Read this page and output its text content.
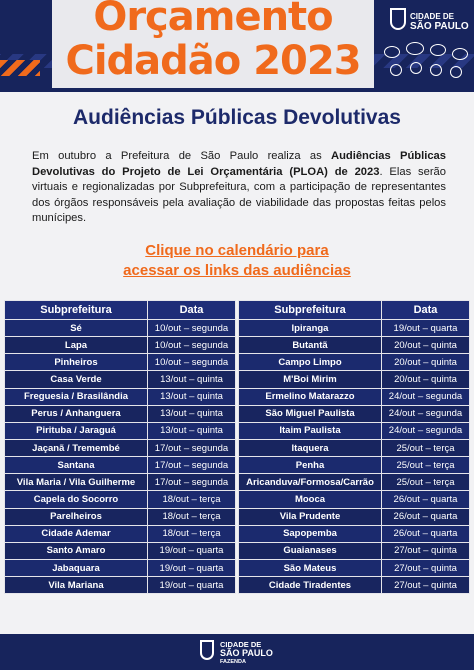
Orçamento
Cidadão 2023
CIDADE DE
SÃO PAULO
Audiências Públicas Devolutivas
Em outubro a Prefeitura de São Paulo realiza as Audiências Públicas Devolutivas do Projeto de Lei Orçamentária (PLOA) de 2023. Elas serão virtuais e regionalizadas por Subprefeitura, com a participação de representantes dos órgãos responsáveis pela avaliação de viabilidade das propostas feitas pelos munícipes.
Clique no calendário para
acessar os links das audiências
Subprefeitura	Data
Sé	10/out – segunda
Lapa	10/out – segunda
Pinheiros	10/out – segunda
Casa Verde	13/out – quinta
Freguesia / Brasilândia	13/out – quinta
Perus / Anhanguera	13/out – quinta
Pirituba / Jaraguá	13/out – quinta
Jaçanã / Tremembé	17/out – segunda
Santana	17/out – segunda
Vila Maria / Vila Guilherme	17/out – segunda
Capela do Socorro	18/out – terça
Parelheiros	18/out – terça
Cidade Ademar	18/out – terça
Santo Amaro	19/out – quarta
Jabaquara	19/out – quarta
Vila Mariana	19/out – quarta
Subprefeitura	Data
Ipiranga	19/out – quarta
Butantã	20/out – quinta
Campo Limpo	20/out – quinta
M'Boi Mirim	20/out – quinta
Ermelino Matarazzo	24/out – segunda
São Miguel Paulista	24/out – segunda
Itaim Paulista	24/out – segunda
Itaquera	25/out – terça
Penha	25/out – terça
Aricanduva/Formosa/Carrão	25/out – terça
Mooca	26/out – quarta
Vila Prudente	26/out – quarta
Sapopemba	26/out – quarta
Guaianases	27/out – quinta
São Mateus	27/out – quinta
Cidade Tiradentes	27/out – quinta
CIDADE DE
SÃO PAULO
FAZENDA
